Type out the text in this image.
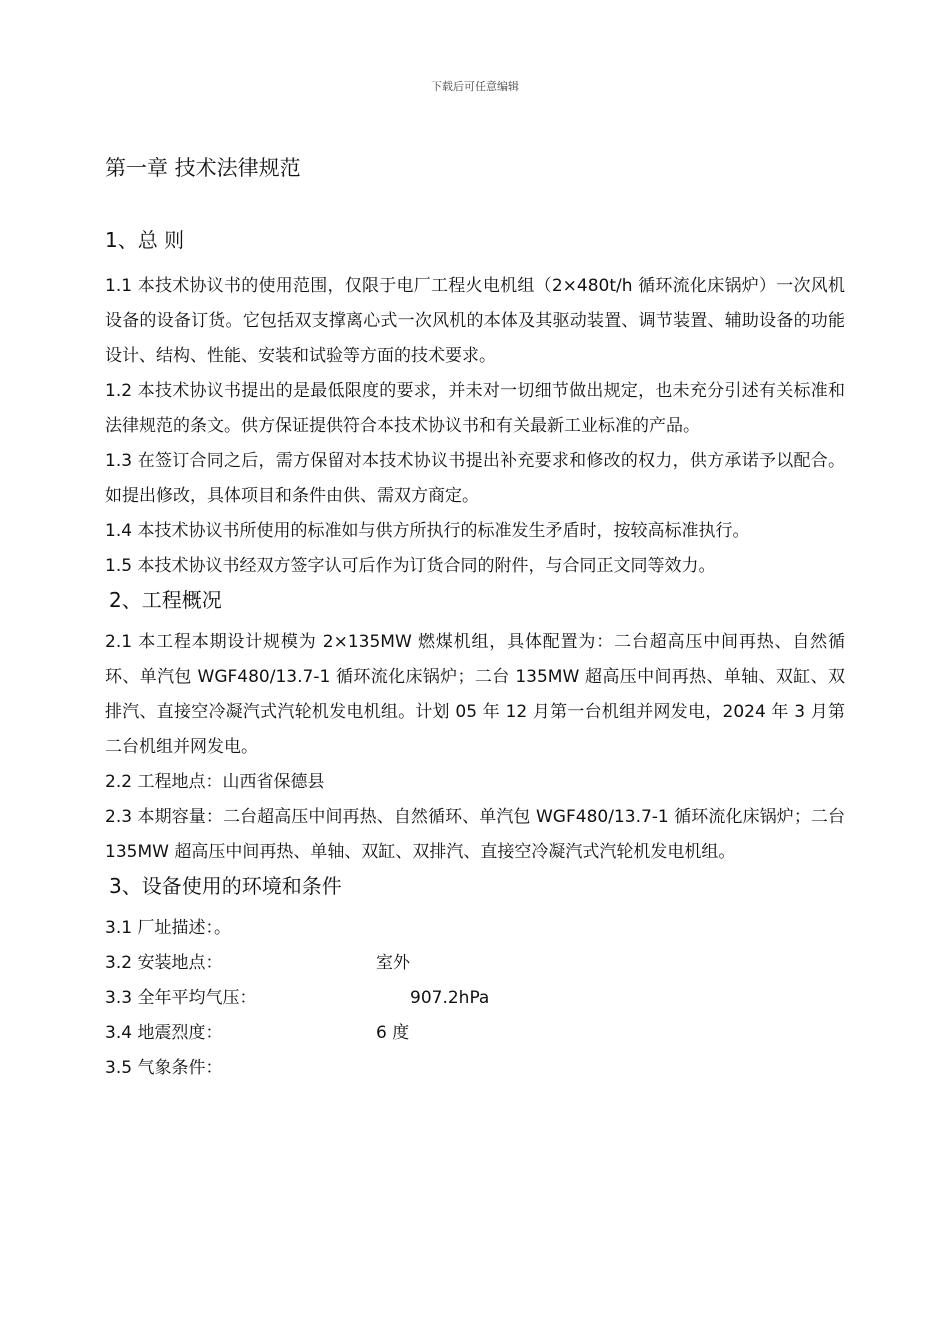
下载后可任意编辑
第一章 技术法律规范
1、总 则

1.1 本技术协议书的使用范围，仅限于电厂工程火电机组（2×480t/h 循环流化床锅炉）一次风机设备的设备订货。它包括双支撑离心式一次风机的本体及其驱动装置、调节装置、辅助设备的功能设计、结构、性能、安装和试验等方面的技术要求。

1.2 本技术协议书提出的是最低限度的要求，并未对一切细节做出规定，也未充分引述有关标准和法律规范的条文。供方保证提供符合本技术协议书和有关最新工业标准的产品。

1.3 在签订合同之后，需方保留对本技术协议书提出补充要求和修改的权力，供方承诺予以配合。如提出修改，具体项目和条件由供、需双方商定。

1.4 本技术协议书所使用的标准如与供方所执行的标准发生矛盾时，按较高标准执行。

1.5 本技术协议书经双方签字认可后作为订货合同的附件，与合同正文同等效力。

2、工程概况

2.1 本工程本期设计规模为 2×135MW 燃煤机组，具体配置为：二台超高压中间再热、自然循环、单汽包 WGF480/13.7-1 循环流化床锅炉；二台 135MW 超高压中间再热、单轴、双缸、双排汽、直接空冷凝汽式汽轮机发电机组。计划 05 年 12 月第一台机组并网发电，2024 年 3 月第二台机组并网发电。

2.2 工程地点：山西省保德县

2.3 本期容量：二台超高压中间再热、自然循环、单汽包 WGF480/13.7-1 循环流化床锅炉；二台 135MW 超高压中间再热、单轴、双缸、双排汽、直接空冷凝汽式汽轮机发电机组。

3、设备使用的环境和条件
3.1 厂址描述：。
3.2 安装地点：	室外
3.3 全年平均气压：	907.2hPa
3.4 地震烈度：	6 度
3.5 气象条件：
